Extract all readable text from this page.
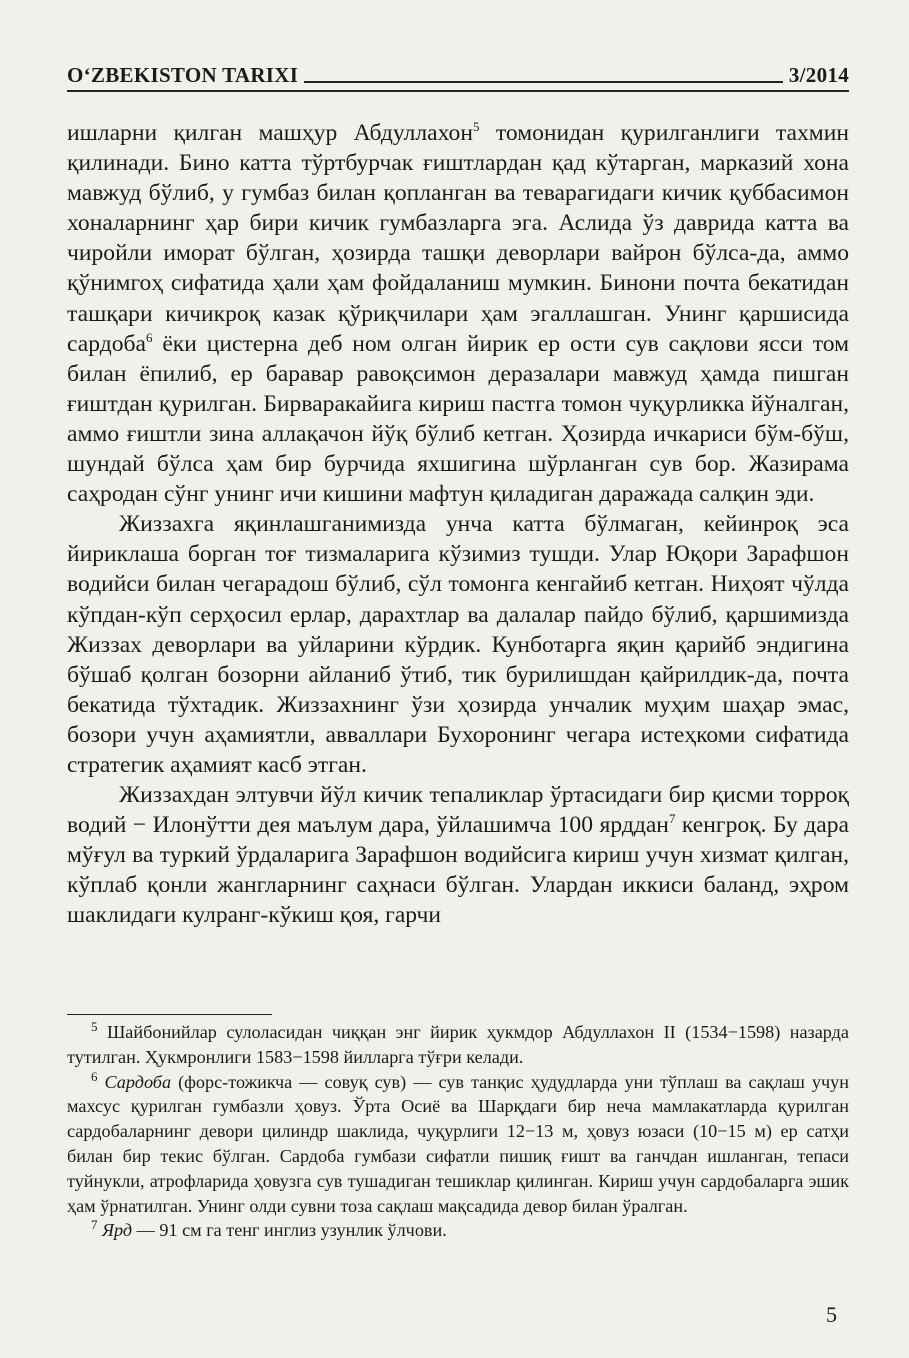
O‘ZBEKISTON TARIXI	3/2014

ишларни қилган машҳур Абдуллахон$^5$ томонидан қурилганлиги тахмин қилинади. Бино катта тўртбурчак ғиштлардан қад кўтарган, марказий хона мавжуд бўлиб, у гумбаз билан қопланган ва теварагидаги кичик қуббасимон хоналарнинг ҳар бири кичик гумбазларга эга. Аслида ўз даврида катта ва чиройли иморат бўлган, ҳозирда ташқи деворлари вайрон бўлса-да, аммо қўнимгоҳ сифатида ҳали ҳам фойдаланиш мумкин. Бинони почта бекатидан ташқари кичикроқ казак қўриқчилари ҳам эгаллашган. Унинг қаршисида сардоба$^6$ ёки цистерна деб ном олган йирик ер ости сув сақлови ясси том билан ёпилиб, ер баравар равоқсимон деразалари мавжуд ҳамда пишган ғиштдан қурилган. Бирваракайига кириш пастга томон чуқурликка йўналган, аммо ғиштли зина аллақачон йўқ бўлиб кетган. Ҳозирда ичкариси бўм-бўш, шундай бўлса ҳам бир бурчида яхшигина шўрланган сув бор. Жазирама саҳродан сўнг унинг ичи кишини мафтун қиладиган даражада салқин эди.

Жиззахга яқинлашганимизда унча катта бўлмаган, кейинроқ эса йириклаша борган тоғ тизмаларига кўзимиз тушди. Улар Юқори Зарафшон водийси билан чегарадош бўлиб, сўл томонга кенгайиб кетган. Ниҳоят чўлда кўпдан-кўп серҳосил ерлар, дарахтлар ва далалар пайдо бўлиб, қаршимизда Жиззах деворлари ва уйларини кўрдик. Кунботарга яқин қарийб эндигина бўшаб қолган бозорни айланиб ўтиб, тик бурилишдан қайрилдик-да, почта бекатида тўхтадик. Жиззахнинг ўзи ҳозирда унчалик муҳим шаҳар эмас, бозори учун аҳамиятли, авваллари Бухоронинг чегара истеҳкоми сифатида стратегик аҳамият касб этган.

Жиззахдан элтувчи йўл кичик тепаликлар ўртасидаги бир қисми торроқ водий − Илонўтти дея маълум дара, ўйлашимча 100 ярддан$^7$ кенгроқ. Бу дара мўғул ва туркий ўрдаларига Зарафшон водийсига кириш учун хизмат қилган, кўплаб қонли жангларнинг саҳнаси бўлган. Улардан иккиси баланд, эҳром шаклидаги кулранг-кўкиш қоя, гарчи

$^5$ Шайбонийлар сулоласидан чиққан энг йирик ҳукмдор Абдуллахон II (1534−1598) назарда тутилган. Ҳукмронлиги 1583−1598 йилларга тўғри келади.

$^6$ Сардоба (форс-тожикча — совуқ сув) — сув танқис ҳудудларда уни тўплаш ва сақлаш учун махсус қурилган гумбазли ҳовуз. Ўрта Осиё ва Шарқдаги бир неча мамлакатларда қурилган сардобаларнинг девори цилиндр шаклида, чуқурлиги 12−13 м, ҳовуз юзаси (10−15 м) ер сатҳи билан бир текис бўлган. Сардоба гумбази сифатли пишиқ ғишт ва ганчдан ишланган, тепаси туйнукли, атрофларида ҳовузга сув тушадиган тешиклар қилинган. Кириш учун сардобаларга эшик ҳам ўрнатилган. Унинг олди сувни тоза сақлаш мақсадида девор билан ўралган.

$^7$ Ярд — 91 см га тенг инглиз узунлик ўлчови.

5
